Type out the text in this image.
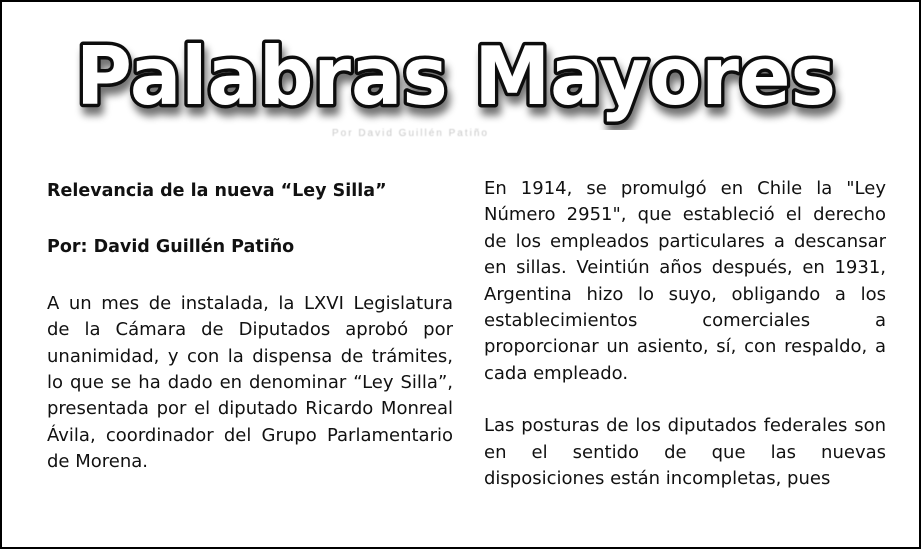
Palabras Mayores
Por David Guillén Patiño

Relevancia de la nueva “Ley Silla”

Por: David Guillén Patiño

A un mes de instalada, la LXVI Legislatura de la Cámara de Diputados aprobó por unanimidad, y con la dispensa de trámites, lo que se ha dado en denominar “Ley Silla”, presentada por el diputado Ricardo Monreal Ávila, coordinador del Grupo Parlamentario de Morena.

En 1914, se promulgó en Chile la "Ley Número 2951", que estableció el derecho de los empleados particulares a descansar en sillas. Veintiún años después, en 1931, Argentina hizo lo suyo, obligando a los establecimientos comerciales a proporcionar un asiento, sí, con respaldo, a cada empleado.

Las posturas de los diputados federales son en el sentido de que las nuevas disposiciones están incompletas, pues
